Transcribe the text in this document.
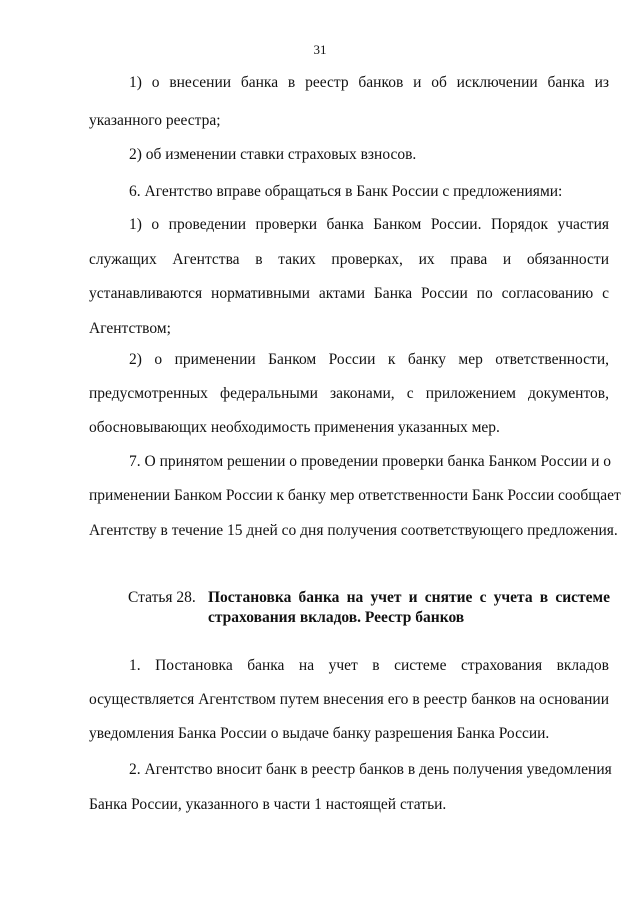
31
1) о внесении банка в реестр банков и об исключении банка из
указанного реестра;
2) об изменении ставки страховых взносов.
6. Агентство вправе обращаться в Банк России с предложениями:
1) о проведении проверки банка Банком России. Порядок участия
служащих Агентства в таких проверках, их права и обязанности
устанавливаются нормативными актами Банка России по согласованию с
Агентством;
2) о применении Банком России к банку мер ответственности,
предусмотренных федеральными законами, с приложением документов,
обосновывающих необходимость применения указанных мер.
7. О принятом решении о проведении проверки банка Банком России и о
применении Банком России к банку мер ответственности Банк России сообщает
Агентству в течение 15 дней со дня получения соответствующего предложения.
Статья 28. Постановка банка на учет и снятие с учета в системе
страхования вкладов. Реестр банков
1. Постановка банка на учет в системе страхования вкладов
осуществляется Агентством путем внесения его в реестр банков на основании
уведомления Банка России о выдаче банку разрешения Банка России.
2. Агентство вносит банк в реестр банков в день получения уведомления
Банка России, указанного в части 1 настоящей статьи.
